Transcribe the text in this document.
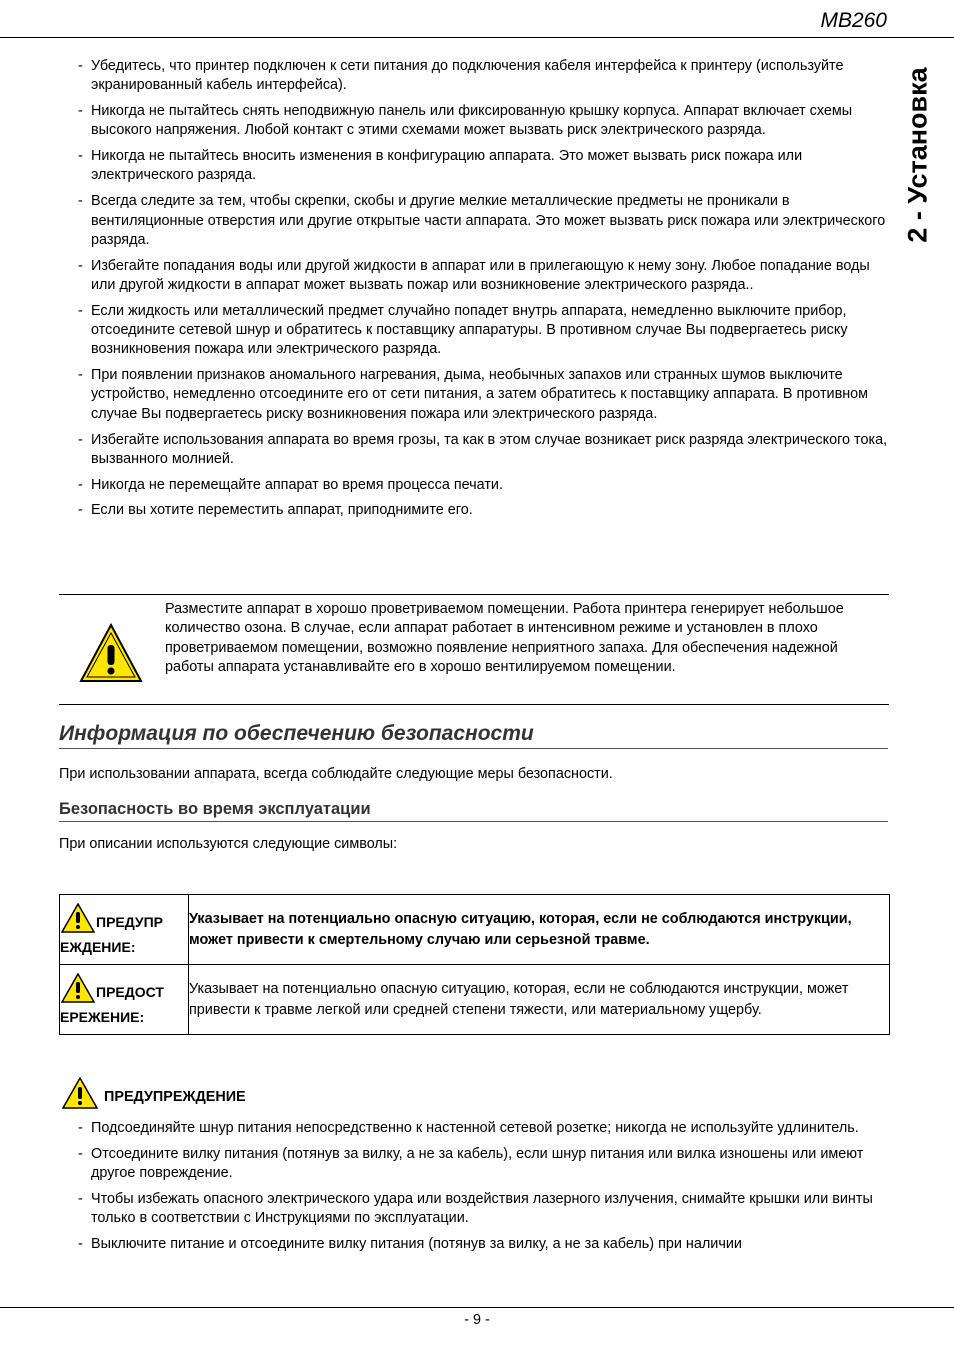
MB260
2 - Установка
- Убедитесь, что принтер подключен к сети питания до подключения кабеля интерфейса к принтеру (используйте экранированный кабель интерфейса).
- Никогда не пытайтесь снять неподвижную панель или фиксированную крышку корпуса. Аппарат включает схемы высокого напряжения. Любой контакт с этими схемами может вызвать риск электрического разряда.
- Никогда не пытайтесь вносить изменения в конфигурацию аппарата. Это может вызвать риск пожара или электрического разряда.
- Всегда следите за тем, чтобы скрепки, скобы и другие мелкие металлические предметы не проникали в вентиляционные отверстия или другие открытые части аппарата. Это может вызвать риск пожара или электрического разряда.
- Избегайте попадания воды или другой жидкости в аппарат или в прилегающую к нему зону. Любое попадание воды или другой жидкости в аппарат может вызвать пожар или возникновение электрического разряда..
- Если жидкость или металлический предмет случайно попадет внутрь аппарата, немедленно выключите прибор, отсоедините сетевой шнур и обратитесь к поставщику аппаратуры. В противном случае Вы подвергаетесь риску возникновения пожара или электрического разряда.
- При появлении признаков аномального нагревания, дыма, необычных запахов или странных шумов выключите устройство, немедленно отсоедините его от сети питания, а затем обратитесь к поставщику аппарата. В противном случае Вы подвергаетесь риску возникновения пожара или электрического разряда.
- Избегайте использования аппарата во время грозы, та как в этом случае возникает риск разряда электрического тока, вызванного молнией.
- Никогда не перемещайте аппарат во время процесса печати.
- Если вы хотите переместить аппарат, приподнимите его.
Разместите аппарат в хорошо проветриваемом помещении. Работа принтера генерирует небольшое количество озона. В случае, если аппарат работает в интенсивном режиме и установлен в плохо проветриваемом помещении, возможно появление неприятного запаха. Для обеспечения надежной работы аппарата устанавливайте его в хорошо вентилируемом помещении.
Информация по обеспечению безопасности
При использовании аппарата, всегда соблюдайте следующие меры безопасности.
Безопасность во время эксплуатации
При описании используются следующие символы:
ПРЕДУПР
ЕЖДЕНИЕ:	Указывает на потенциально опасную ситуацию, которая, если не соблюдаются инструкции, может привести к смертельному случаю или серьезной травме.
ПРЕДОСТ
ЕРЕЖЕНИЕ:	Указывает на потенциально опасную ситуацию, которая, если не соблюдаются инструкции, может привести к травме легкой или средней степени тяжести, или материальному ущербу.
ПРЕДУПРЕЖДЕНИЕ
- Подсоединяйте шнур питания непосредственно к настенной сетевой розетке; никогда не используйте удлинитель.
- Отсоедините вилку питания (потянув за вилку, а не за кабель), если шнур питания или вилка изношены или имеют другое повреждение.
- Чтобы избежать опасного электрического удара или воздействия лазерного излучения, снимайте крышки или винты только в соответствии с Инструкциями по эксплуатации.
- Выключите питание и отсоедините вилку питания (потянув за вилку, а не за кабель) при наличии
- 9 -
